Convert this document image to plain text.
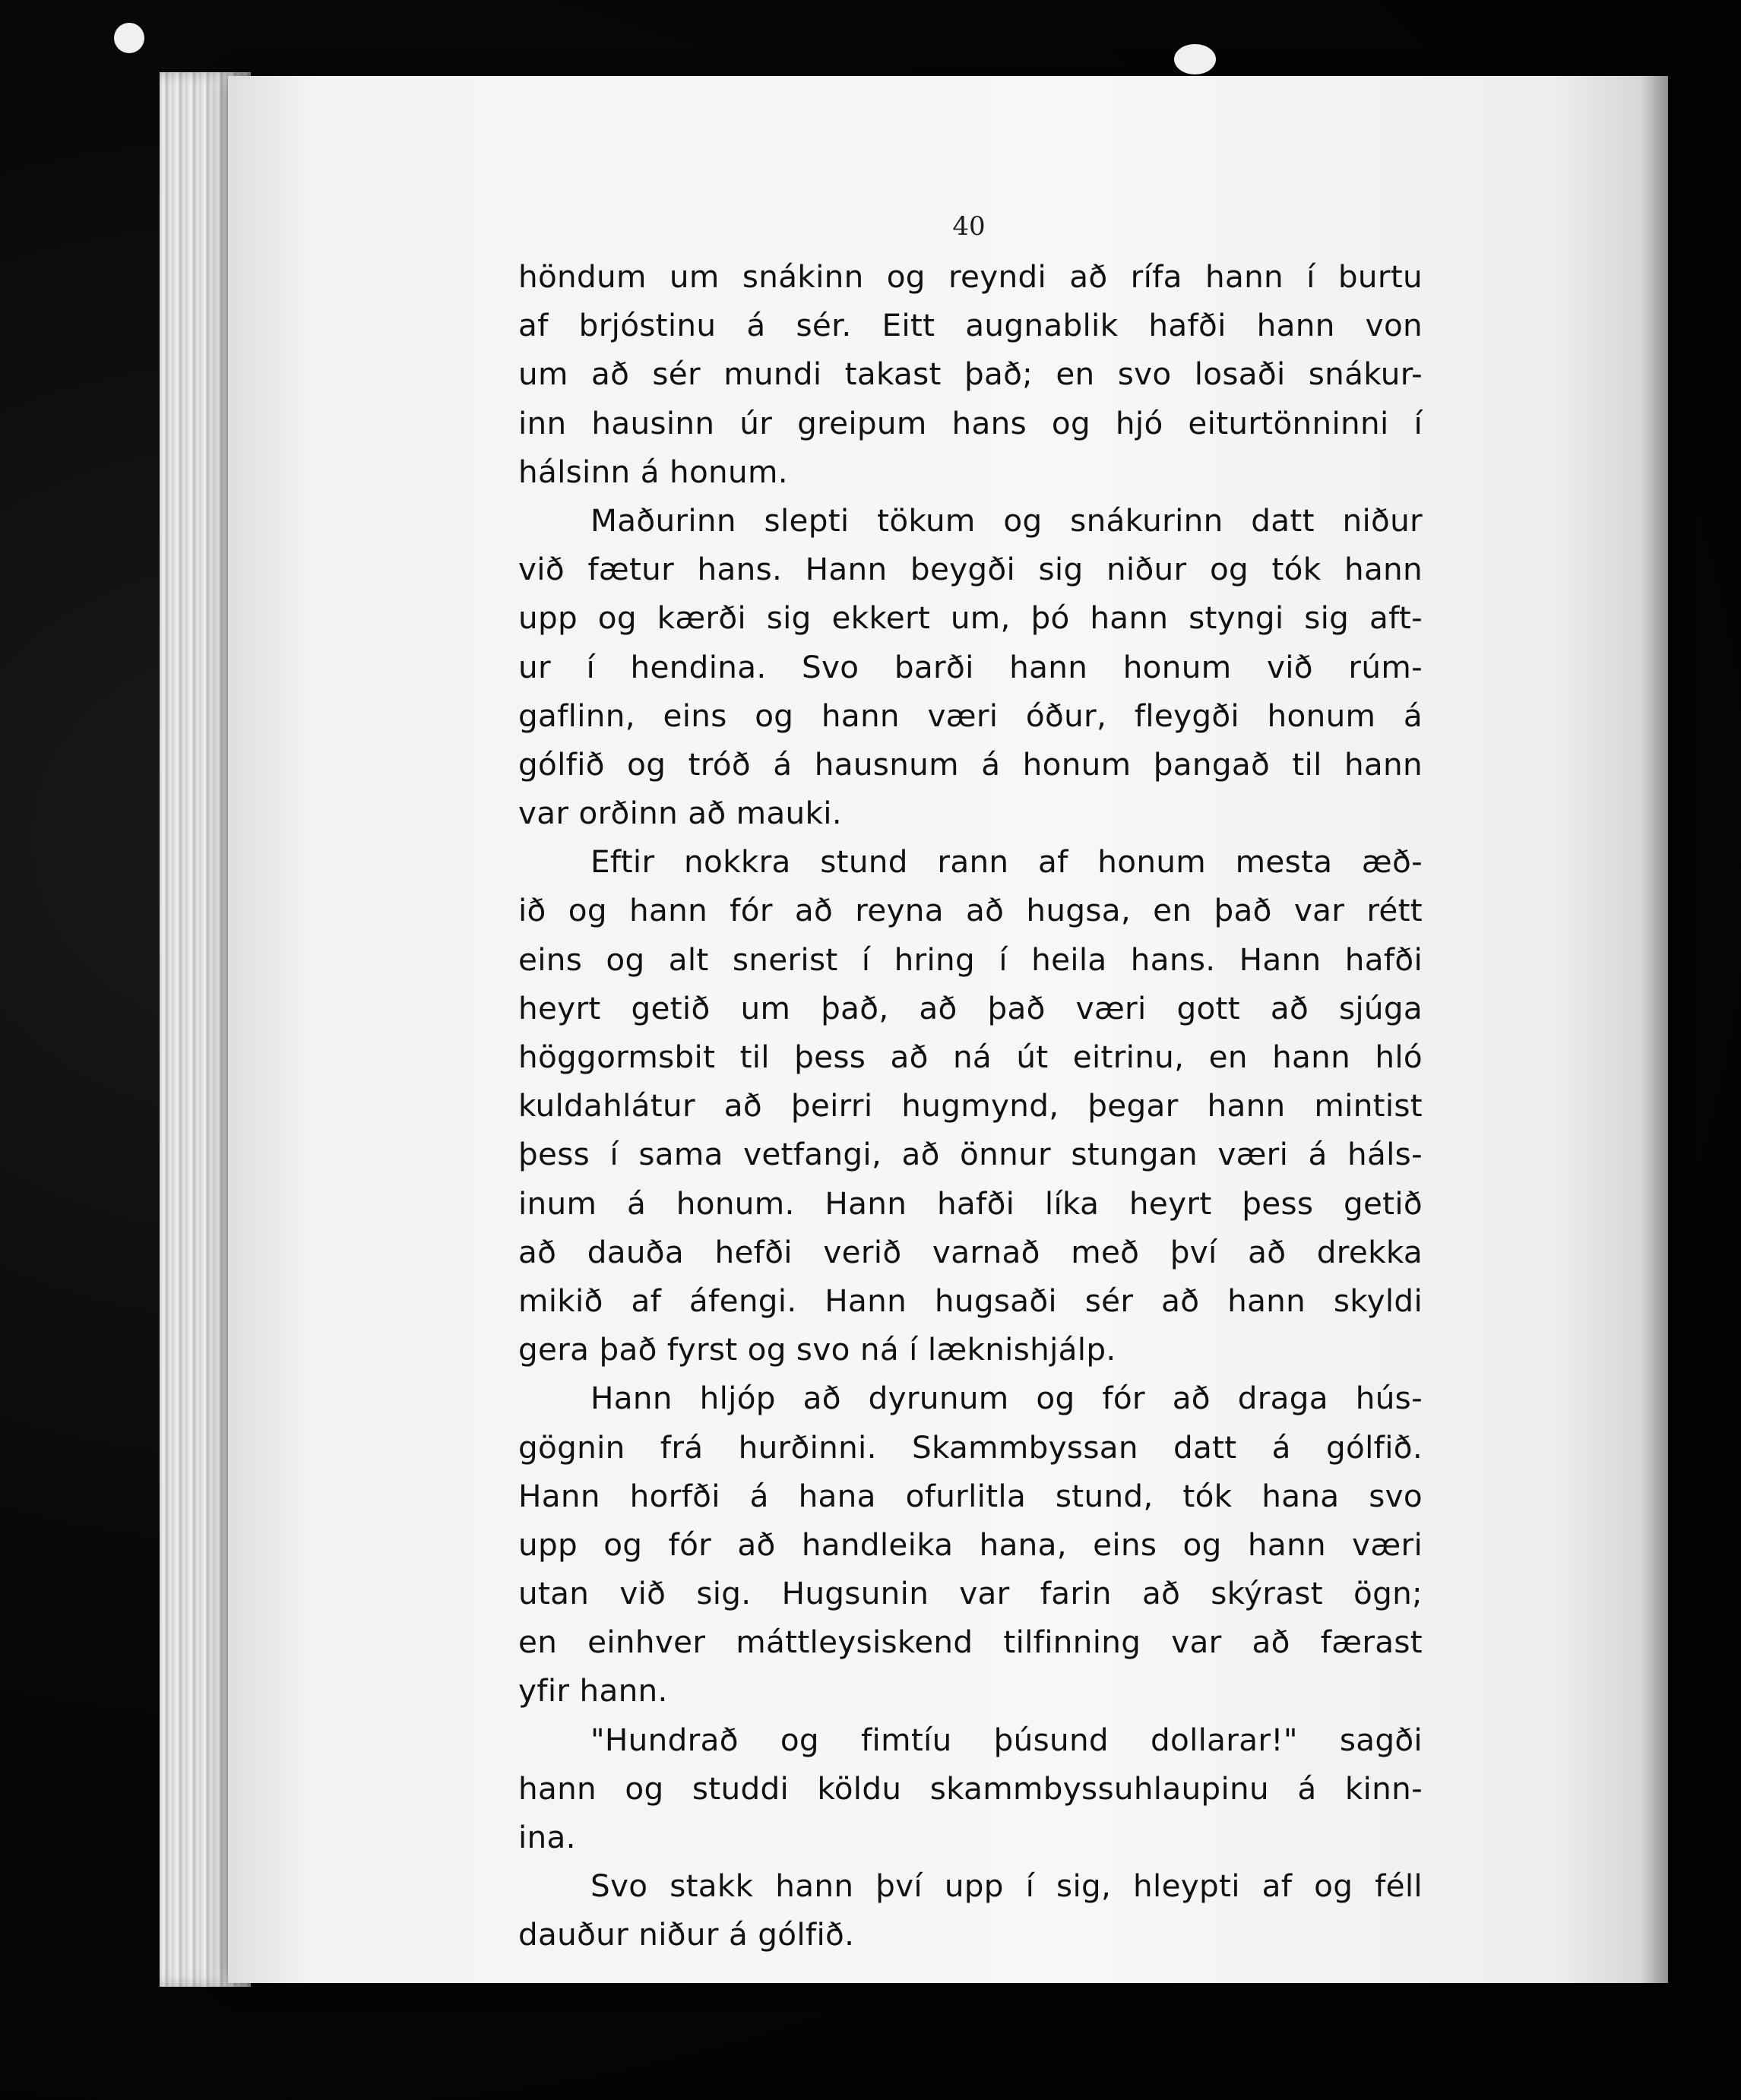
40
höndum um snákinn og reyndi að rífa hann í burtu
af brjóstinu á sér. Eitt augnablik hafði hann von
um að sér mundi takast það; en svo losaði snákur-
inn hausinn úr greipum hans og hjó eiturtönninni í
hálsinn á honum.
Maðurinn slepti tökum og snákurinn datt niður
við fætur hans. Hann beygði sig niður og tók hann
upp og kærði sig ekkert um, þó hann styngi sig aft-
ur í hendina. Svo barði hann honum við rúm-
gaflinn, eins og hann væri óður, fleygði honum á
gólfið og tróð á hausnum á honum þangað til hann
var orðinn að mauki.
Eftir nokkra stund rann af honum mesta æð-
ið og hann fór að reyna að hugsa, en það var rétt
eins og alt snerist í hring í heila hans. Hann hafði
heyrt getið um það, að það væri gott að sjúga
höggormsbit til þess að ná út eitrinu, en hann hló
kuldahlátur að þeirri hugmynd, þegar hann mintist
þess í sama vetfangi, að önnur stungan væri á háls-
inum á honum. Hann hafði líka heyrt þess getið
að dauða hefði verið varnað með því að drekka
mikið af áfengi. Hann hugsaði sér að hann skyldi
gera það fyrst og svo ná í læknishjálp.
Hann hljóp að dyrunum og fór að draga hús-
gögnin frá hurðinni. Skammbyssan datt á gólfið.
Hann horfði á hana ofurlitla stund, tók hana svo
upp og fór að handleika hana, eins og hann væri
utan við sig. Hugsunin var farin að skýrast ögn;
en einhver máttleysiskend tilfinning var að færast
yfir hann.
"Hundrað og fimtíu þúsund dollarar!" sagði
hann og studdi köldu skammbyssuhlaupinu á kinn-
ina.
Svo stakk hann því upp í sig, hleypti af og féll
dauður niður á gólfið.
